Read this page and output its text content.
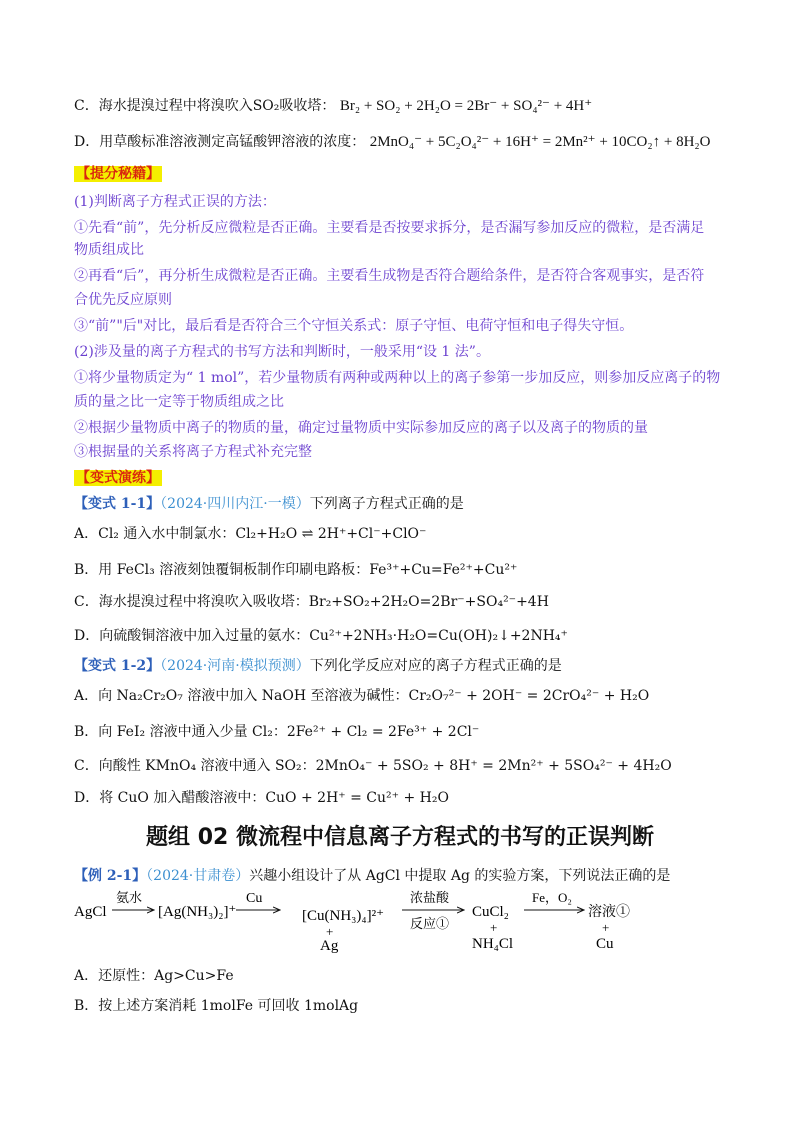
C．海水提溴过程中将溴吹入SO₂吸收塔： Br₂ + SO₂ + 2H₂O = 2Br⁻ + SO₄²⁻ + 4H⁺
D．用草酸标准溶液测定高锰酸钾溶液的浓度： 2MnO₄⁻ + 5C₂O₄²⁻ + 16H⁺ = 2Mn²⁺ + 10CO₂↑ + 8H₂O
【提分秘籍】
(1)判断离子方程式正误的方法：
①先看“前”，先分析反应微粒是否正确。主要看是否按要求拆分，是否漏写参加反应的微粒，是否满足
物质组成比
②再看“后”，再分析生成微粒是否正确。主要看生成物是否符合题给条件，是否符合客观事实，是否符
合优先反应原则
③“前”"后"对比，最后看是否符合三个守恒关系式：原子守恒、电荷守恒和电子得失守恒。
(2)涉及量的离子方程式的书写方法和判断时，一般采用“设 1 法”。
①将少量物质定为“ 1 mol”，若少量物质有两种或两种以上的离子参第一步加反应，则参加反应离子的物
质的量之比一定等于物质组成之比
②根据少量物质中离子的物质的量，确定过量物质中实际参加反应的离子以及离子的物质的量
③根据量的关系将离子方程式补充完整
【变式演练】
【变式 1-1】（2024·四川内江·一模）下列离子方程式正确的是
A．Cl₂ 通入水中制氯水：Cl₂+H₂O ⇌ 2H⁺+Cl⁻+ClO⁻
B．用 FeCl₃ 溶液刻蚀覆铜板制作印刷电路板：Fe³⁺+Cu=Fe²⁺+Cu²⁺
C．海水提溴过程中将溴吹入吸收塔：Br₂+SO₂+2H₂O=2Br⁻+SO₄²⁻+4H
D．向硫酸铜溶液中加入过量的氨水：Cu²⁺+2NH₃·H₂O=Cu(OH)₂↓+2NH₄⁺
【变式 1-2】（2024·河南·模拟预测）下列化学反应对应的离子方程式正确的是
A．向 Na₂Cr₂O₇ 溶液中加入 NaOH 至溶液为碱性：Cr₂O₇²⁻ + 2OH⁻ = 2CrO₄²⁻ + H₂O
B．向 FeI₂ 溶液中通入少量 Cl₂：2Fe²⁺ + Cl₂ = 2Fe³⁺ + 2Cl⁻
C．向酸性 KMnO₄ 溶液中通入 SO₂：2MnO₄⁻ + 5SO₂ + 8H⁺ = 2Mn²⁺ + 5SO₄²⁻ + 4H₂O
D．将 CuO 加入醋酸溶液中：CuO + 2H⁺ = Cu²⁺ + H₂O
题组 02 微流程中信息离子方程式的书写的正误判断
【例 2-1】（2024·甘肃卷）兴趣小组设计了从 AgCl 中提取 Ag 的实验方案，下列说法正确的是
AgCl
氨水
[Ag(NH₃)₂]⁺
Cu
[Cu(NH₃)₄]²⁺
+
Ag
浓盐酸
反应①
CuCl₂
+
NH₄Cl
Fe，O₂
溶液①
+
Cu
A．还原性：Ag>Cu>Fe
B．按上述方案消耗 1molFe 可回收 1molAg
